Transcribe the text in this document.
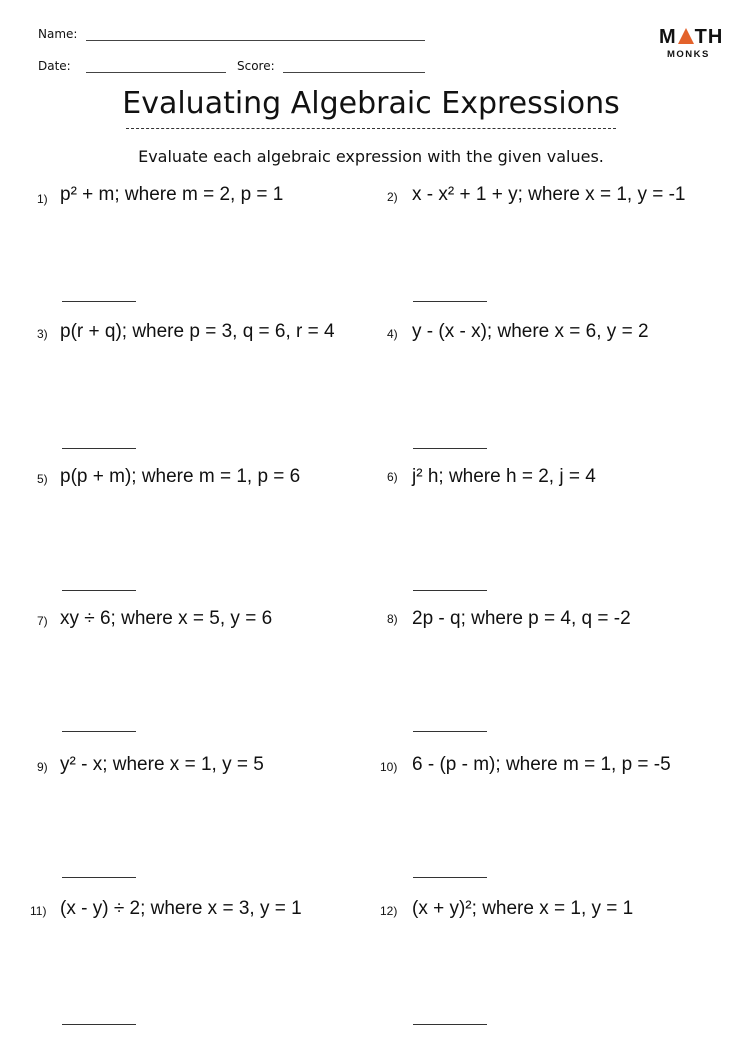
Name:
Date:	Score:
M TH
MONKS
Evaluating Algebraic Expressions
Evaluate each algebraic expression with the given values.
1)	2)
3)	4)
5)	6)
7)	8)
9)	10)
11)	12)
p² + m; where m = 2, p = 1	x - x² + 1 + y; where x = 1, y = -1
p(r + q); where p = 3, q = 6, r = 4	y - (x - x); where x = 6, y = 2
p(p + m); where m = 1, p = 6	j² h; where h = 2, j = 4
xy ÷ 6; where x = 5, y = 6	2p - q; where p = 4, q = -2
y² - x; where x = 1, y = 5	6 - (p - m); where m = 1, p = -5
(x - y) ÷ 2; where x = 3, y = 1	(x + y)²; where x = 1, y = 1
